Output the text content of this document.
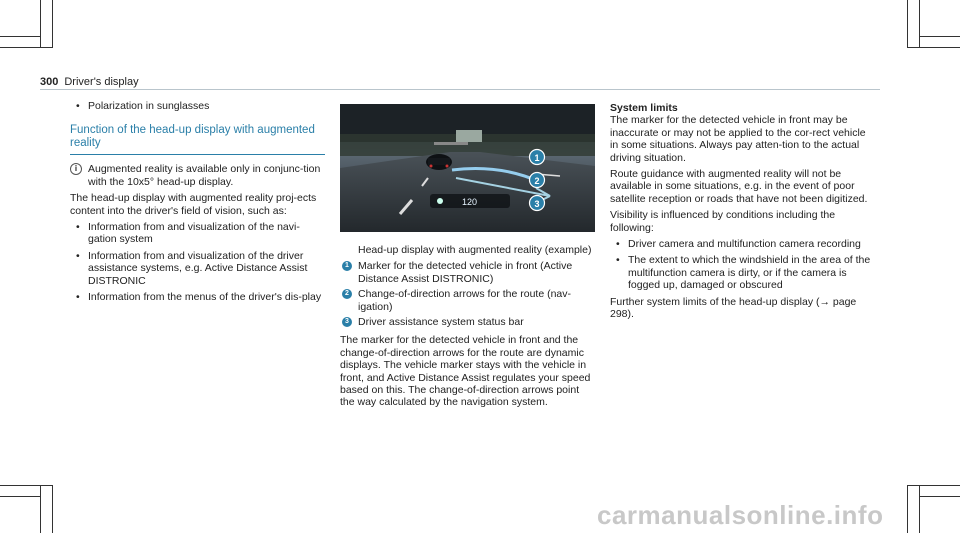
300 Driver's display
• Polarization in sunglasses
Function of the head-up display with augmented reality
i	Augmented reality is available only in conjunc-tion with the 10x5° head-up display.

The head-up display with augmented reality proj-ects content into the driver's field of vision, such as:

• Information from and visualization of the navi-gation system
• Information from and visualization of the driver assistance systems, e.g. Active Distance Assist DISTRONIC
• Information from the menus of the driver's dis-play
120
1
2
3
Head-up display with augmented reality (example)
1 Marker for the detected vehicle in front (Active Distance Assist DISTRONIC)
2 Change-of-direction arrows for the route (nav-igation)
3 Driver assistance system status bar

The marker for the detected vehicle in front and the change-of-direction arrows for the route are dynamic displays. The vehicle marker stays with the vehicle in front, and Active Distance Assist regulates your speed based on this. The change-of-direction arrows point the way calculated by the navigation system.

System limits

The marker for the detected vehicle in front may be inaccurate or may not be applied to the cor-rect vehicle in some situations. Always pay atten-tion to the actual driving situation.

Route guidance with augmented reality will not be available in some situations, e.g. in the event of poor satellite reception or roads that have not been digitized.

Visibility is influenced by conditions including the following:

• Driver camera and multifunction camera recording
• The extent to which the windshield in the area of the multifunction camera is dirty, or if the camera is fogged up, damaged or obscured

Further system limits of the head-up display (→ page 298).

carmanualsonline.info
